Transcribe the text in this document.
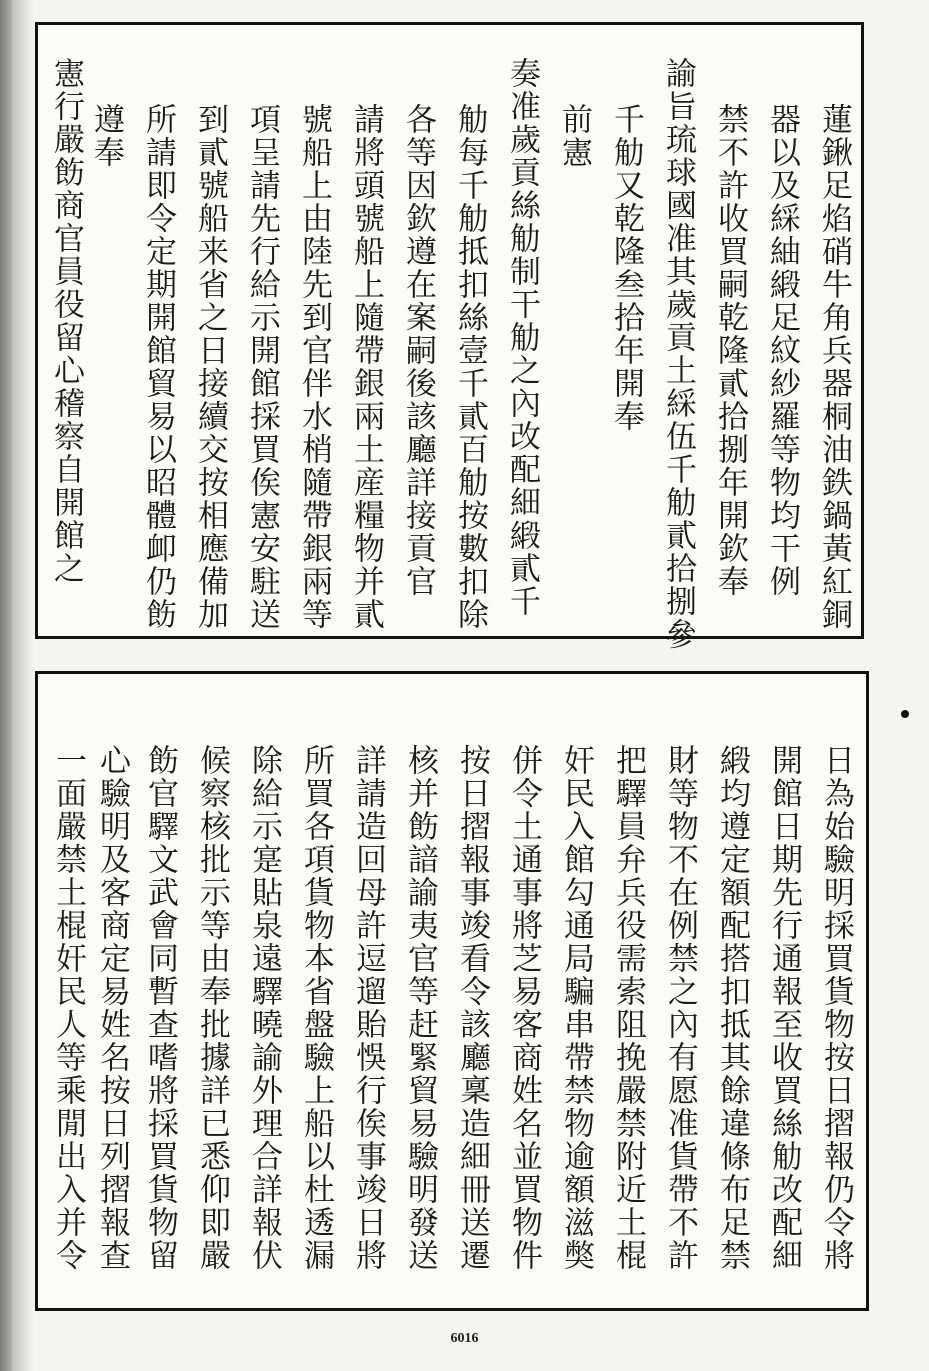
蓮鍬足焰硝牛角兵器桐油鉄鍋黃紅銅
器以及綵紬緞足紋紗羅等物均干例
禁不許收買嗣乾隆貳拾捌年開欽奉
諭旨琉球國准其歲貢土綵伍千觔貳拾捌參
千觔又乾隆叁拾年開奉
前憲
奏准歲貢絲觔制干觔之內改配細緞貳千
觔每千觔抵扣絲壹千貳百觔按數扣除
各等因欽遵在案嗣後該廳詳接貢官
請將頭號船上隨帶銀兩土産糧物并貳
號船上由陸先到官伴水梢隨帶銀兩等
項呈請先行給示開館採買俟憲安駐送
到貳號船来省之日接續交按相應備加
所請即令定期開館貿易以昭體卹仍飭
遵奉
憲行嚴飭商官員役留心稽察自開館之
日為始驗明採買貨物按日摺報仍令將
開館日期先行通報至收買絲觔改配細
緞均遵定額配搭扣抵其餘違條布足禁
財等物不在例禁之內有愿准貨帶不許
把驛員弁兵役需索阻挽嚴禁附近土棍
奸民入館勾通局騙串帶禁物逾額滋獘
併令土通事將芝易客商姓名並買物件
按日摺報事竣看令該廳稟造細冊送遷
核并飭諳諭夷官等赶緊貿易驗明發送
詳請造回母許逗遛貽悞行俟事竣日將
所買各項貨物本省盤驗上船以杜透漏
除給示寔貼泉遠驛曉諭外理合詳報伏
候察核批示等由奉批據詳已悉仰即嚴
飭官驛文武會同暫查嗜將採買貨物留
心驗明及客商定易姓名按日列摺報查
一面嚴禁土棍奸民人等乘閒出入并令
6016
